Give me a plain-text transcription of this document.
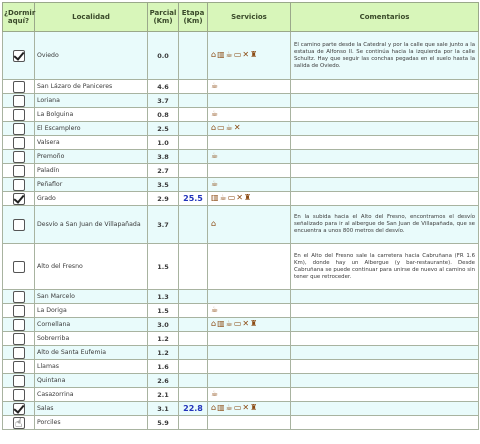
¿Dormir aquí?	Localidad	Parcial (Km)	Etapa (Km)	Servicios	Comentarios
	Oviedo	0.0		⌂▥☕▭✕♜	El camino parte desde la Catedral y por la calle que sale junto a la estatua de Alfonso II. Se continúa hacia la izquierda por la calle Schultz. Hay que seguir las conchas pegadas en el suelo hasta la salida de Oviedo.
	San Lázaro de Paniceres	4.6		☕	
	Loriana	3.7			
	La Bolguina	0.8		☕	
	El Escamplero	2.5		⌂▭☕✕	
	Valsera	1.0			
	Premoño	3.8		☕	
	Paladín	2.7			
	Peñaflor	3.5		☕	
	Grado	2.9	25.5	▥☕▭✕♜	
	Desvío a San Juan de Villapañada	3.7		⌂	En la subida hacia el Alto del Fresno, encontramos el desvío señalizado para ir al albergue de San Juan de Villapañada, que se encuentra a unos 800 metros del desvío.
	Alto del Fresno	1.5			En el Alto del Fresno sale la carretera hacia Cabruñana (FR 1.6 Km), donde hay un Albergue (y bar-restaurante). Desde Cabruñana se puede continuar para unirse de nuevo al camino sin tener que retroceder.
	San Marcelo	1.3			
	La Doriga	1.5		☕	
	Cornellana	3.0		⌂▥☕▭✕♜	
	Sobrerriba	1.2			
	Alto de Santa Eufemia	1.2			
	Llamas	1.6			
	Quintana	2.6			
	Casazorrina	2.1		☕	
	Salas	3.1	22.8	⌂▥☕▭✕♜	
	Porciles	5.9			
☝
